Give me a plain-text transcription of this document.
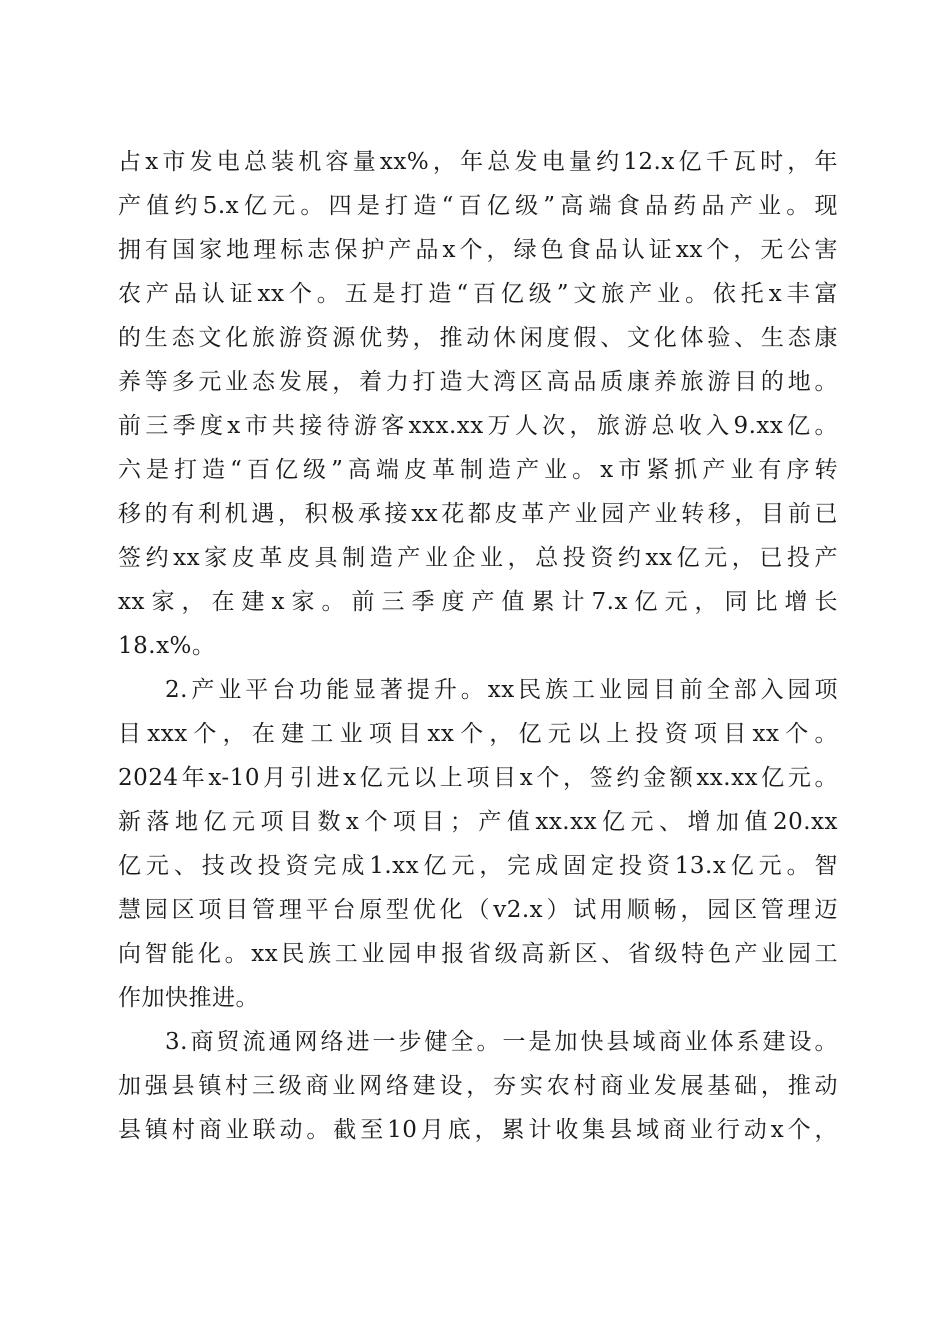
占x市发电总装机容量xx%，年总发电量约12.x亿千瓦时，年
产值约5.x亿元。四是打造“百亿级”高端食品药品产业。现
拥有国家地理标志保护产品x个，绿色食品认证xx个，无公害
农产品认证xx个。五是打造“百亿级”文旅产业。依托x丰富
的生态文化旅游资源优势，推动休闲度假、文化体验、生态康
养等多元业态发展，着力打造大湾区高品质康养旅游目的地。
前三季度x市共接待游客xxx.xx万人次，旅游总收入9.xx亿。
六是打造“百亿级”高端皮革制造产业。x市紧抓产业有序转
移的有利机遇，积极承接xx花都皮革产业园产业转移，目前已
签约xx家皮革皮具制造产业企业，总投资约xx亿元，已投产
xx家，在建x家。前三季度产值累计7.x亿元，同比增长
18.x%。
2.产业平台功能显著提升。xx民族工业园目前全部入园项
目xxx个，在建工业项目xx个，亿元以上投资项目xx个。
2024年x-10月引进x亿元以上项目x个，签约金额xx.xx亿元。
新落地亿元项目数x个项目；产值xx.xx亿元、增加值20.xx
亿元、技改投资完成1.xx亿元，完成固定投资13.x亿元。智
慧园区项目管理平台原型优化（v2.x）试用顺畅，园区管理迈
向智能化。xx民族工业园申报省级高新区、省级特色产业园工
作加快推进。
3.商贸流通网络进一步健全。一是加快县域商业体系建设。
加强县镇村三级商业网络建设，夯实农村商业发展基础，推动
县镇村商业联动。截至10月底，累计收集县域商业行动x个，
